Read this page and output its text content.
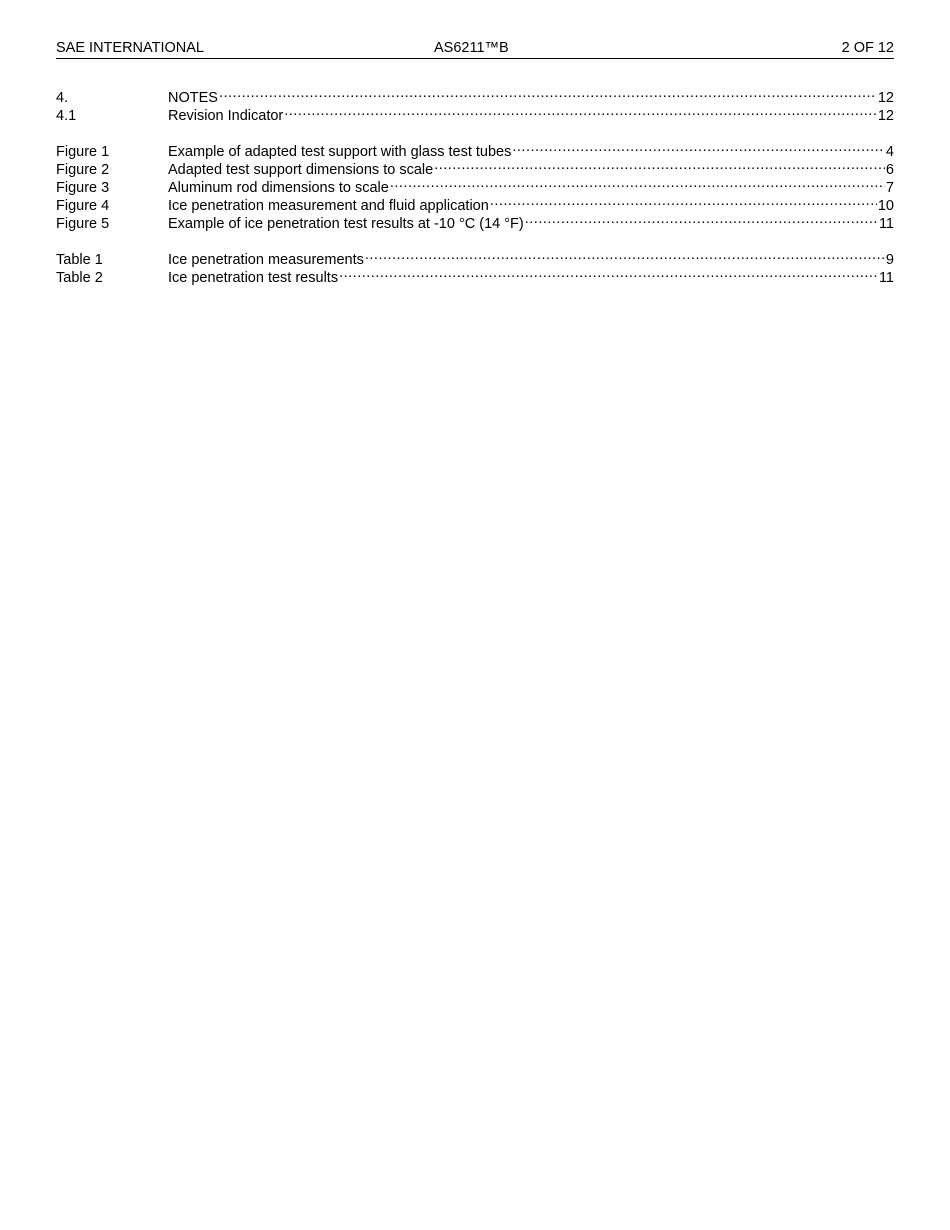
SAE INTERNATIONAL	AS6211™B	2 OF 12
4.	NOTES .....	12
4.1	Revision Indicator .....	12
Figure 1	Example of adapted test support with glass test tubes .....	4
Figure 2	Adapted test support dimensions to scale .....	6
Figure 3	Aluminum rod dimensions to scale .....	7
Figure 4	Ice penetration measurement and fluid application .....	10
Figure 5	Example of ice penetration test results at -10 °C (14 °F) .....	11
Table 1	Ice penetration measurements .....	9
Table 2	Ice penetration test results .....	11
